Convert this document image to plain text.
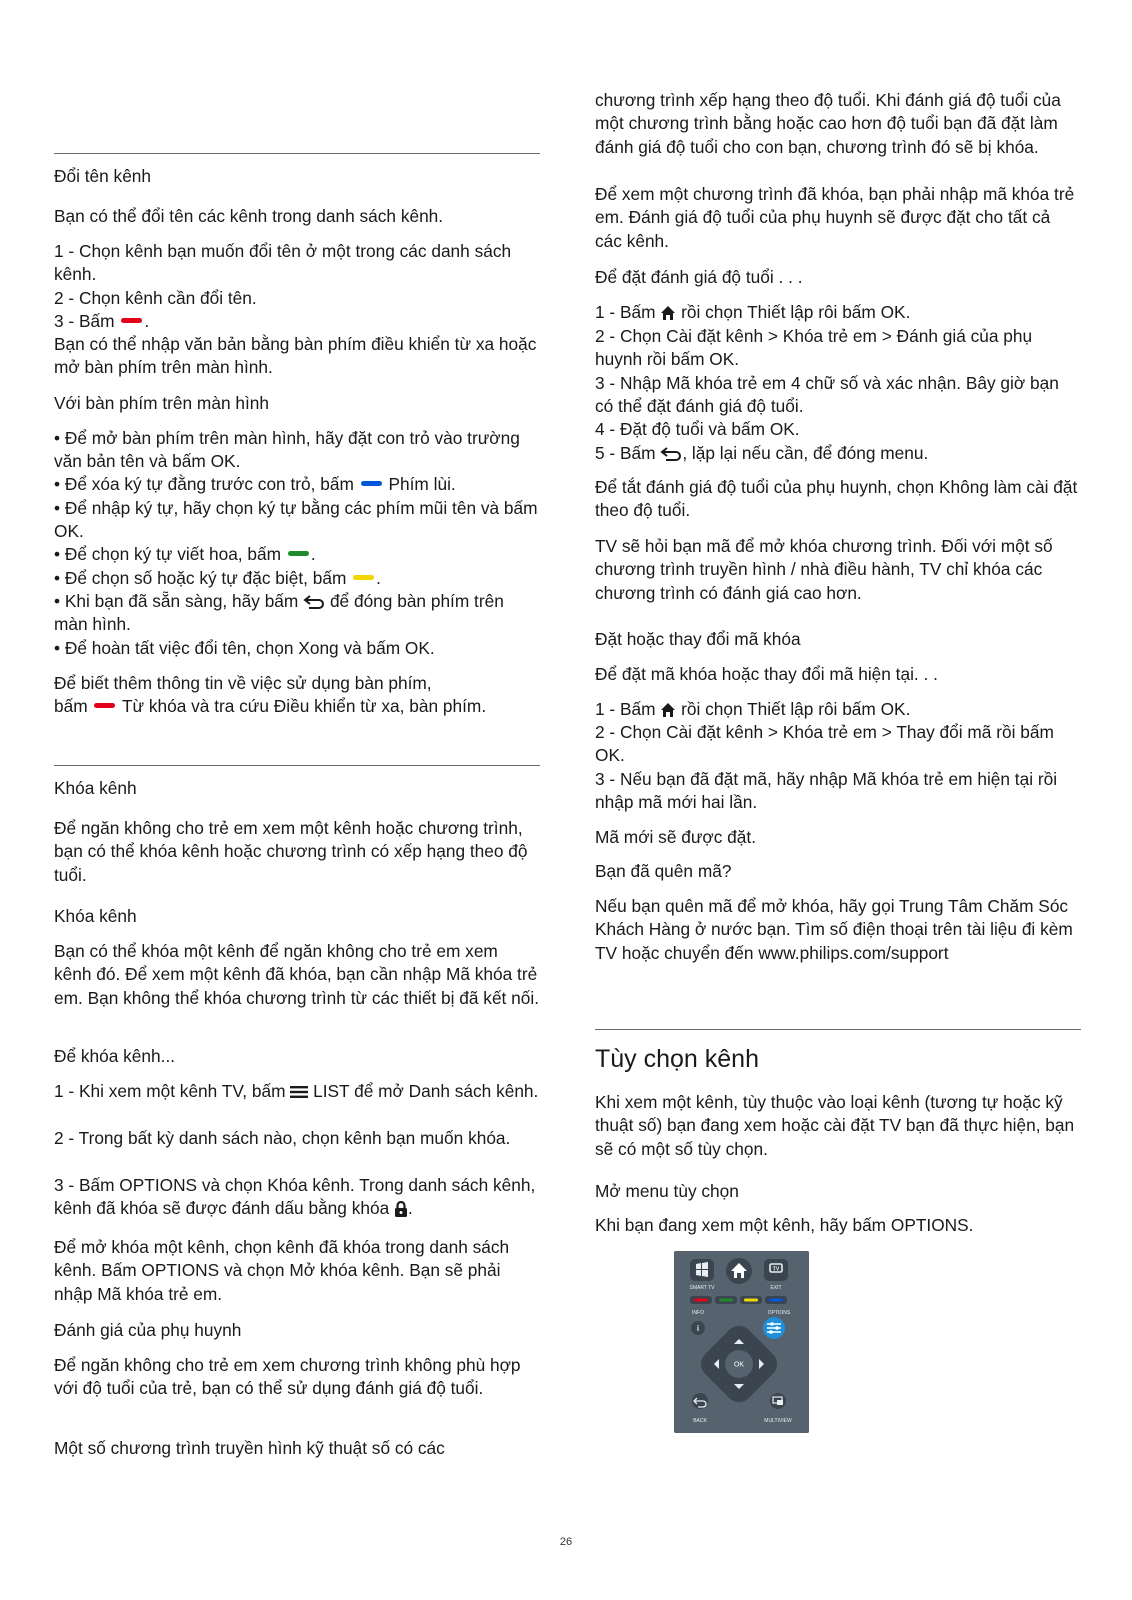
Đổi tên kênh

Bạn có thể đổi tên các kênh trong danh sách kênh.

1 - Chọn kênh bạn muốn đổi tên ở một trong các danh sách kênh.

2 - Chọn kênh cần đổi tên.

3 - Bấm .

Bạn có thể nhập văn bản bằng bàn phím điều khiển từ xa hoặc mở bàn phím trên màn hình.

Với bàn phím trên màn hình

• Để mở bàn phím trên màn hình, hãy đặt con trỏ vào trường văn bản tên và bấm OK.

• Để xóa ký tự đằng trước con trỏ, bấm Phím lùi.

• Để nhập ký tự, hãy chọn ký tự bằng các phím mũi tên và bấm OK.

• Để chọn ký tự viết hoa, bấm .

• Để chọn số hoặc ký tự đặc biệt, bấm .

• Khi bạn đã sẵn sàng, hãy bấm để đóng bàn phím trên màn hình.

• Để hoàn tất việc đổi tên, chọn Xong và bấm OK.

Để biết thêm thông tin về việc sử dụng bàn phím,

bấm Từ khóa và tra cứu Điều khiển từ xa, bàn phím.

Khóa kênh

Để ngăn không cho trẻ em xem một kênh hoặc chương trình, bạn có thể khóa kênh hoặc chương trình có xếp hạng theo độ tuổi.

Khóa kênh

Bạn có thể khóa một kênh để ngăn không cho trẻ em xem kênh đó. Để xem một kênh đã khóa, bạn cần nhập Mã khóa trẻ em. Bạn không thể khóa chương trình từ các thiết bị đã kết nối.

Để khóa kênh...

1 - Khi xem một kênh TV, bấm LIST để mở Danh sách kênh.

2 - Trong bất kỳ danh sách nào, chọn kênh bạn muốn khóa.

3 - Bấm OPTIONS và chọn Khóa kênh. Trong danh sách kênh, kênh đã khóa sẽ được đánh dấu bằng khóa .

Để mở khóa một kênh, chọn kênh đã khóa trong danh sách kênh. Bấm OPTIONS và chọn Mở khóa kênh. Bạn sẽ phải nhập Mã khóa trẻ em.

Đánh giá của phụ huynh

Để ngăn không cho trẻ em xem chương trình không phù hợp với độ tuổi của trẻ, bạn có thể sử dụng đánh giá độ tuổi.

Một số chương trình truyền hình kỹ thuật số có các

chương trình xếp hạng theo độ tuổi. Khi đánh giá độ tuổi của một chương trình bằng hoặc cao hơn độ tuổi bạn đã đặt làm đánh giá độ tuổi cho con bạn, chương trình đó sẽ bị khóa.

Để xem một chương trình đã khóa, bạn phải nhập mã khóa trẻ em. Đánh giá độ tuổi của phụ huynh sẽ được đặt cho tất cả các kênh.

Để đặt đánh giá độ tuổi . . .

1 - Bấm rồi chọn Thiết lập rôi bấm OK.

2 - Chọn Cài đặt kênh > Khóa trẻ em > Đánh giá của phụ huynh rồi bấm OK.

3 - Nhập Mã khóa trẻ em 4 chữ số và xác nhận. Bây giờ bạn có thể đặt đánh giá độ tuổi.

4 - Đặt độ tuổi và bấm OK.

5 - Bấm , lặp lại nếu cần, để đóng menu.

Để tắt đánh giá độ tuổi của phụ huynh, chọn Không làm cài đặt theo độ tuổi.

TV sẽ hỏi bạn mã để mở khóa chương trình. Đối với một số chương trình truyền hình / nhà điều hành, TV chỉ khóa các chương trình có đánh giá cao hơn.

Đặt hoặc thay đổi mã khóa

Để đặt mã khóa hoặc thay đổi mã hiện tại. . .

1 - Bấm rồi chọn Thiết lập rôi bấm OK.

2 - Chọn Cài đặt kênh > Khóa trẻ em > Thay đổi mã rồi bấm OK.

3 - Nếu bạn đã đặt mã, hãy nhập Mã khóa trẻ em hiện tại rồi nhập mã mới hai lần.

Mã mới sẽ được đặt.

Bạn đã quên mã?

Nếu bạn quên mã để mở khóa, hãy gọi Trung Tâm Chăm Sóc Khách Hàng ở nước bạn. Tìm số điện thoại trên tài liệu đi kèm TV hoặc chuyển đến www.philips.com/support

Tùy chọn kênh

Khi xem một kênh, tùy thuộc vào loại kênh (tương tự hoặc kỹ thuật số) bạn đang xem hoặc cài đặt TV bạn đã thực hiện, bạn sẽ có một số tùy chọn.

Mở menu tùy chọn

Khi bạn đang xem một kênh, hãy bấm OPTIONS.

TV
SMART TV	EXIT
INFO	OPTIONS
OK
i
BACK	MULTIVIEW
26
